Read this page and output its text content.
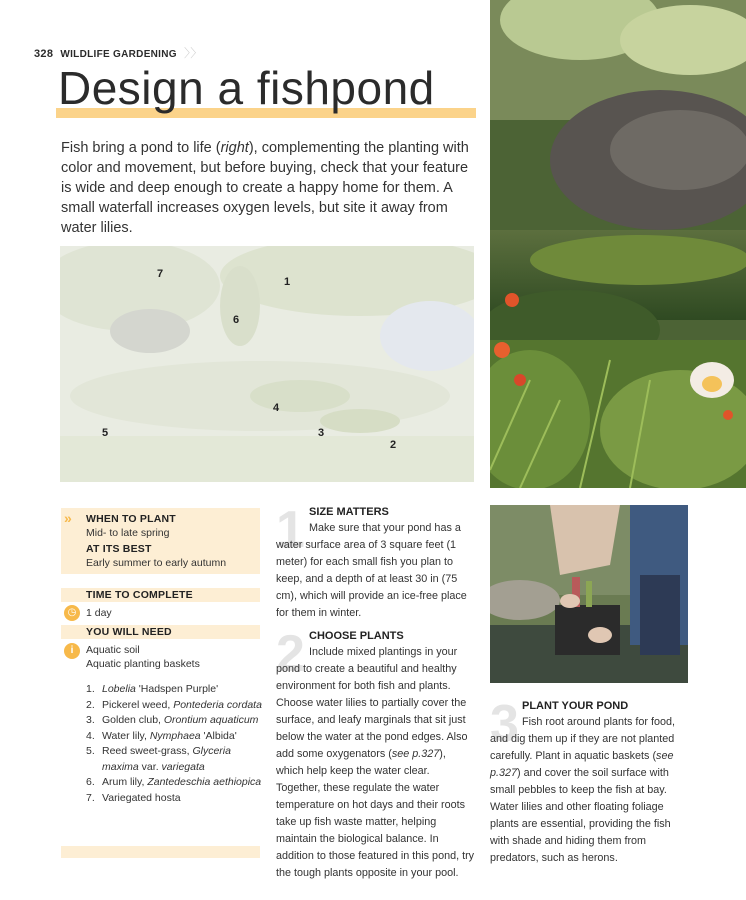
328 WILDLIFE GARDENING 〉〉
Design a fishpond

Fish bring a pond to life (right), complementing the planting with color and movement, but before buying, check that your feature is wide and deep enough to create a happy home for them. A small waterfall increases oxygen levels, but site it away from water lilies.

7
1
6
4
5	3
2
» WHEN TO PLANT
Mid- to late spring
AT ITS BEST
Early summer to early autumn
TIME TO COMPLETE
◷ 1 day
YOU WILL NEED
i	Aquatic soil
Aquatic planting baskets
1. Lobelia 'Hadspen Purple'
2. Pickerel weed, Pontederia cordata
3. Golden club, Orontium aquaticum
4. Water lily, Nymphaea 'Albida'
5. Reed sweet-grass, Glyceria maxima var. variegata
6. Arum lily, Zantedeschia aethiopica
7. Variegated hosta
1 SIZE MATTERS

Make sure that your pond has a water surface area of 3 square feet (1 meter) for each small fish you plan to keep, and a depth of at least 30 in (75 cm), which will provide an ice-free place for them in winter.

2 CHOOSE PLANTS

Include mixed plantings in your pond to create a beautiful and healthy environment for both fish and plants. Choose water lilies to partially cover the surface, and leafy marginals that sit just below the water at the pond edges. Also add some oxygenators (see p.327), which help keep the water clear. Together, these regulate the water temperature on hot days and their roots take up fish waste matter, helping maintain the biological balance. In addition to those featured in this pond, try the tough plants opposite in your pool.

3 PLANT YOUR POND

Fish root around plants for food, and dig them up if they are not planted carefully. Plant in aquatic baskets (see p.327) and cover the soil surface with small pebbles to keep the fish at bay. Water lilies and other floating foliage plants are essential, providing the fish with shade and hiding them from predators, such as herons.
